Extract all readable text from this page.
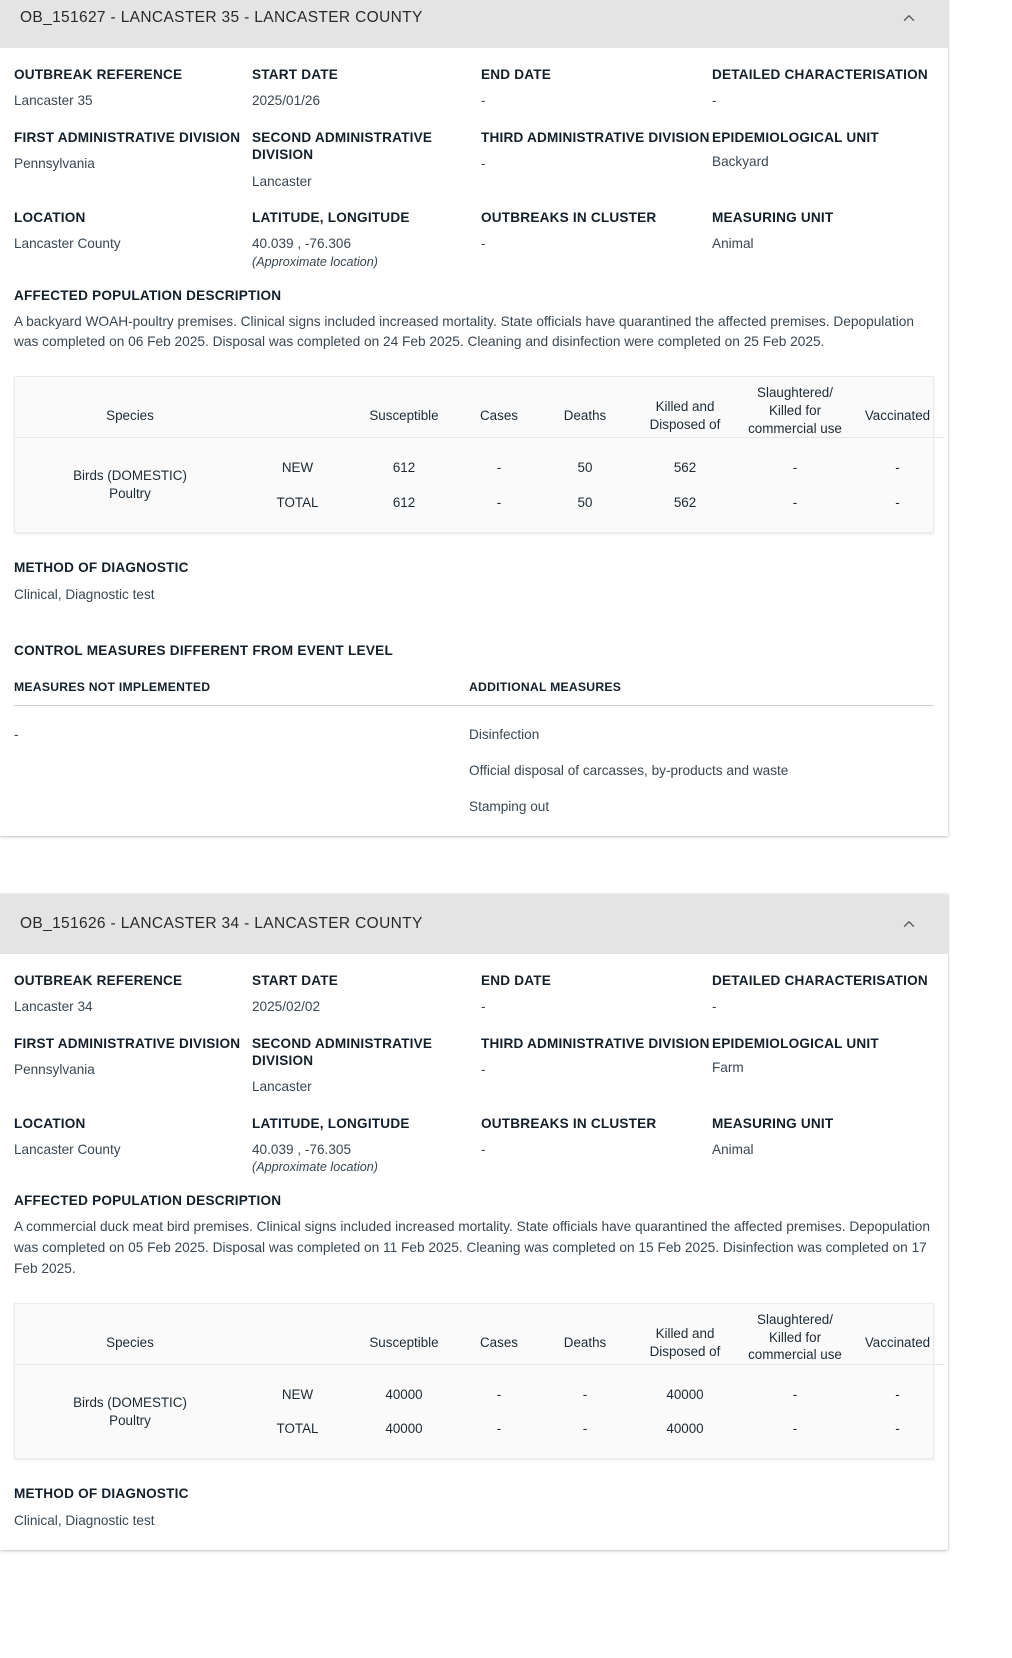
OB_151627 - LANCASTER 35 - LANCASTER COUNTY
OUTBREAK REFERENCE
Lancaster 35
START DATE
2025/01/26
END DATE
-
DETAILED CHARACTERISATION
-
FIRST ADMINISTRATIVE DIVISION
Pennsylvania
SECOND ADMINISTRATIVE DIVISION
Lancaster
THIRD ADMINISTRATIVE DIVISION
-
EPIDEMIOLOGICAL UNIT
Backyard
LOCATION
Lancaster County
LATITUDE, LONGITUDE
40.039 , -76.306
(Approximate location)
OUTBREAKS IN CLUSTER
-
MEASURING UNIT
Animal
AFFECTED POPULATION DESCRIPTION
A backyard WOAH-poultry premises. Clinical signs included increased mortality. State officials have quarantined the affected premises. Depopulation was completed on 06 Feb 2025. Disposal was completed on 24 Feb 2025. Cleaning and disinfection were completed on 25 Feb 2025.
Species		Susceptible	Cases	Deaths	Killed and Disposed of	Slaughtered/ Killed for commercial use	Vaccinated

Birds (DOMESTIC)
Poultry	NEW	612	-	50	562	-	-
	TOTAL	612	-	50	562	-	-
METHOD OF DIAGNOSTIC
Clinical, Diagnostic test
CONTROL MEASURES DIFFERENT FROM EVENT LEVEL
MEASURES NOT IMPLEMENTED	ADDITIONAL MEASURES
-	Disinfection
Official disposal of carcasses, by-products and waste
Stamping out
OB_151626 - LANCASTER 34 - LANCASTER COUNTY
OUTBREAK REFERENCE
Lancaster 34
START DATE
2025/02/02
END DATE
-
DETAILED CHARACTERISATION
-
FIRST ADMINISTRATIVE DIVISION
Pennsylvania
SECOND ADMINISTRATIVE DIVISION
Lancaster
THIRD ADMINISTRATIVE DIVISION
-
EPIDEMIOLOGICAL UNIT
Farm
LOCATION
Lancaster County
LATITUDE, LONGITUDE
40.039 , -76.305
(Approximate location)
OUTBREAKS IN CLUSTER
-
MEASURING UNIT
Animal
AFFECTED POPULATION DESCRIPTION
A commercial duck meat bird premises. Clinical signs included increased mortality. State officials have quarantined the affected premises. Depopulation was completed on 05 Feb 2025. Disposal was completed on 11 Feb 2025. Cleaning was completed on 15 Feb 2025. Disinfection was completed on 17 Feb 2025.
Species		Susceptible	Cases	Deaths	Killed and Disposed of	Slaughtered/ Killed for commercial use	Vaccinated

Birds (DOMESTIC)
Poultry	NEW	40000	-	-	40000	-	-
	TOTAL	40000	-	-	40000	-	-
METHOD OF DIAGNOSTIC
Clinical, Diagnostic test
